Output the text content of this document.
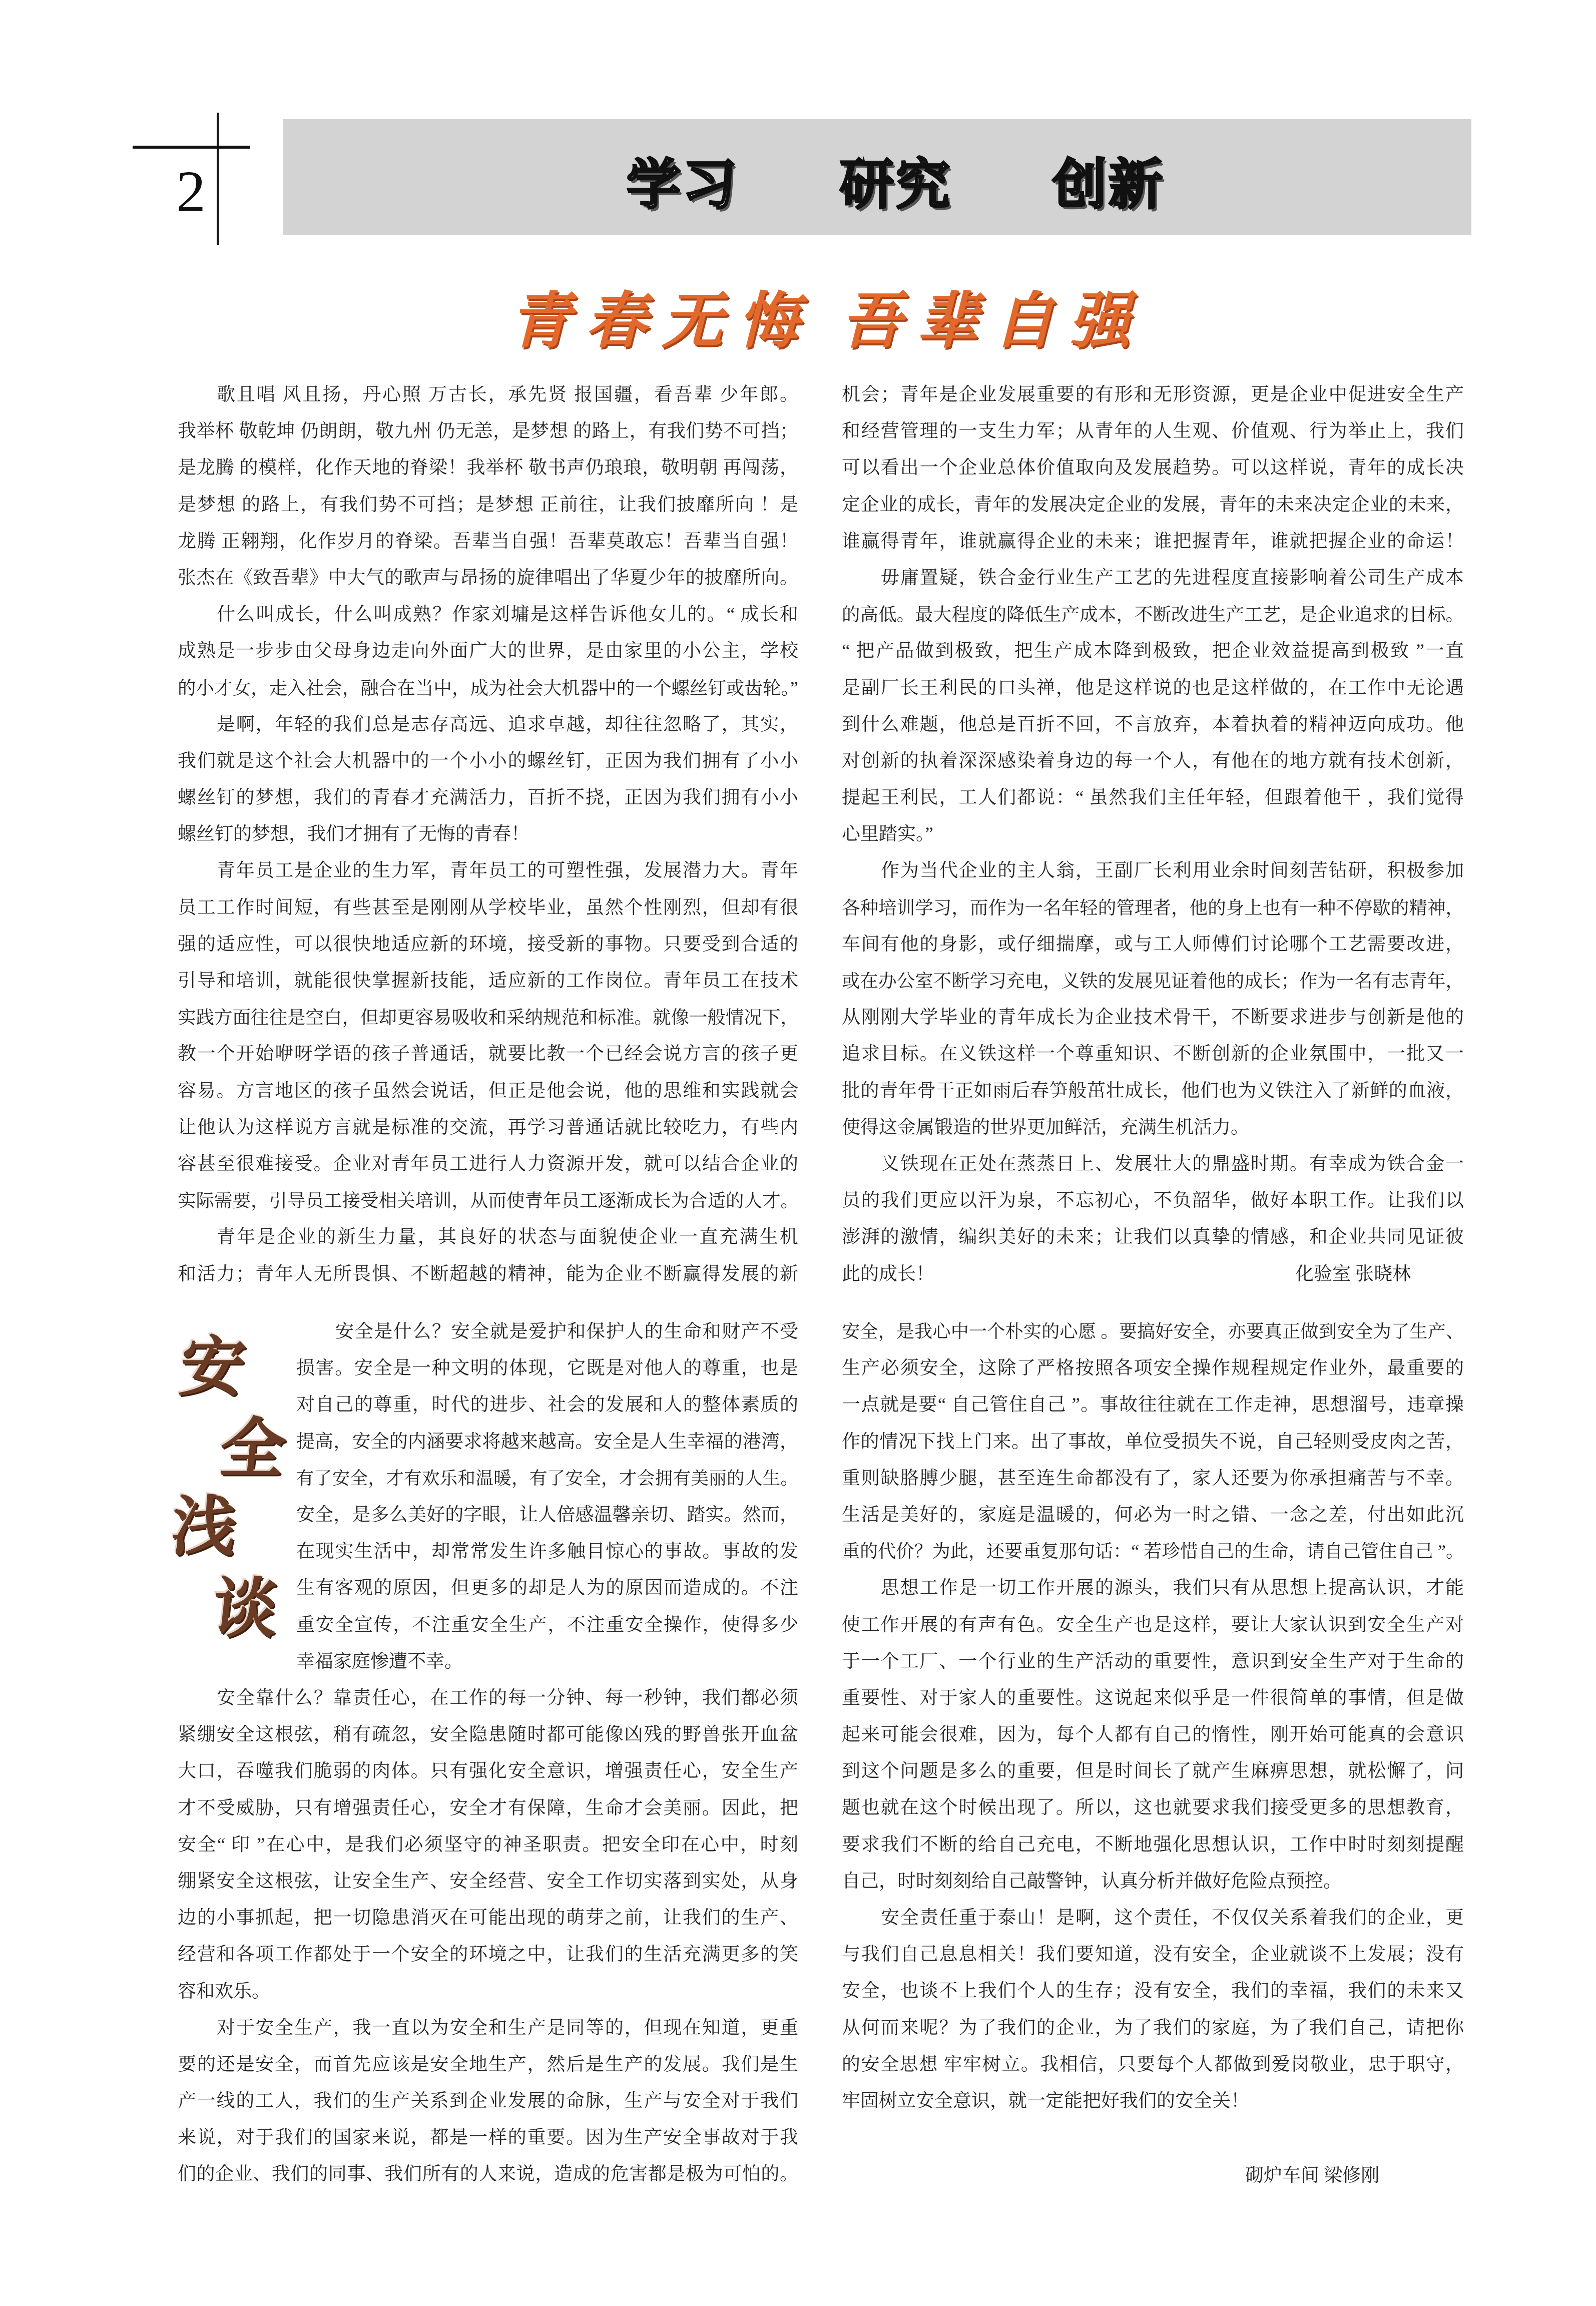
2	学习 研究 创新
青春无悔 吾辈自强
歌且唱 风且扬，丹心照 万古长，承先贤 报国疆，看吾辈 少年郎。
我举杯 敬乾坤 仍朗朗，敬九州 仍无恙，是梦想 的路上，有我们势不可挡；
是龙腾 的模样，化作天地的脊梁！我举杯 敬书声仍琅琅，敬明朝 再闯荡，
是梦想 的路上，有我们势不可挡；是梦想 正前往，让我们披靡所向 ！是
龙腾 正翱翔，化作岁月的脊梁。吾辈当自强！吾辈莫敢忘！吾辈当自强！
张杰在《致吾辈》中大气的歌声与昂扬的旋律唱出了华夏少年的披靡所向。
什么叫成长，什么叫成熟？作家刘墉是这样告诉他女儿的。“ 成长和
成熟是一步步由父母身边走向外面广大的世界，是由家里的小公主，学校
的小才女，走入社会，融合在当中，成为社会大机器中的一个螺丝钉或齿轮。”
是啊，年轻的我们总是志存高远、追求卓越，却往往忽略了，其实，
我们就是这个社会大机器中的一个小小的螺丝钉，正因为我们拥有了小小
螺丝钉的梦想，我们的青春才充满活力，百折不挠，正因为我们拥有小小
螺丝钉的梦想，我们才拥有了无悔的青春！
青年员工是企业的生力军，青年员工的可塑性强，发展潜力大。青年
员工工作时间短，有些甚至是刚刚从学校毕业，虽然个性刚烈，但却有很
强的适应性，可以很快地适应新的环境，接受新的事物。只要受到合适的
引导和培训，就能很快掌握新技能，适应新的工作岗位。青年员工在技术
实践方面往往是空白，但却更容易吸收和采纳规范和标准。就像一般情况下，
教一个开始咿呀学语的孩子普通话，就要比教一个已经会说方言的孩子更
容易。方言地区的孩子虽然会说话，但正是他会说，他的思维和实践就会
让他认为这样说方言就是标准的交流，再学习普通话就比较吃力，有些内
容甚至很难接受。企业对青年员工进行人力资源开发，就可以结合企业的
实际需要，引导员工接受相关培训，从而使青年员工逐渐成长为合适的人才。
青年是企业的新生力量，其良好的状态与面貌使企业一直充满生机
和活力；青年人无所畏惧、不断超越的精神，能为企业不断赢得发展的新
机会；青年是企业发展重要的有形和无形资源，更是企业中促进安全生产
和经营管理的一支生力军；从青年的人生观、价值观、行为举止上，我们
可以看出一个企业总体价值取向及发展趋势。可以这样说，青年的成长决
定企业的成长，青年的发展决定企业的发展，青年的未来决定企业的未来，
谁赢得青年，谁就赢得企业的未来；谁把握青年，谁就把握企业的命运！
毋庸置疑，铁合金行业生产工艺的先进程度直接影响着公司生产成本
的高低。最大程度的降低生产成本，不断改进生产工艺，是企业追求的目标。
“ 把产品做到极致，把生产成本降到极致，把企业效益提高到极致 ”一直
是副厂长王利民的口头禅，他是这样说的也是这样做的，在工作中无论遇
到什么难题，他总是百折不回，不言放弃，本着执着的精神迈向成功。他
对创新的执着深深感染着身边的每一个人，有他在的地方就有技术创新，
提起王利民，工人们都说：“ 虽然我们主任年轻，但跟着他干 ，我们觉得
心里踏实。”
作为当代企业的主人翁，王副厂长利用业余时间刻苦钻研，积极参加
各种培训学习，而作为一名年轻的管理者，他的身上也有一种不停歇的精神，
车间有他的身影，或仔细揣摩，或与工人师傅们讨论哪个工艺需要改进，
或在办公室不断学习充电，义铁的发展见证着他的成长；作为一名有志青年，
从刚刚大学毕业的青年成长为企业技术骨干，不断要求进步与创新是他的
追求目标。在义铁这样一个尊重知识、不断创新的企业氛围中，一批又一
批的青年骨干正如雨后春笋般茁壮成长，他们也为义铁注入了新鲜的血液，
使得这金属锻造的世界更加鲜活，充满生机活力。
义铁现在正处在蒸蒸日上、发展壮大的鼎盛时期。有幸成为铁合金一
员的我们更应以汗为泉，不忘初心，不负韶华，做好本职工作。让我们以
澎湃的激情，编织美好的未来；让我们以真挚的情感，和企业共同见证彼
此的成长！	化验室 张晓林
安
全
浅
谈
安全是什么？安全就是爱护和保护人的生命和财产不受
损害。安全是一种文明的体现，它既是对他人的尊重，也是
对自己的尊重，时代的进步、社会的发展和人的整体素质的
提高，安全的内涵要求将越来越高。安全是人生幸福的港湾，
有了安全，才有欢乐和温暖，有了安全，才会拥有美丽的人生。
安全，是多么美好的字眼，让人倍感温馨亲切、踏实。然而，
在现实生活中，却常常发生许多触目惊心的事故。事故的发
生有客观的原因，但更多的却是人为的原因而造成的。不注
重安全宣传，不注重安全生产，不注重安全操作，使得多少
幸福家庭惨遭不幸。
安全靠什么？靠责任心，在工作的每一分钟、每一秒钟，我们都必须
紧绷安全这根弦，稍有疏忽，安全隐患随时都可能像凶残的野兽张开血盆
大口，吞噬我们脆弱的肉体。只有强化安全意识，增强责任心，安全生产
才不受威胁，只有增强责任心，安全才有保障，生命才会美丽。因此，把
安全“ 印 ”在心中，是我们必须坚守的神圣职责。把安全印在心中，时刻
绷紧安全这根弦，让安全生产、安全经营、安全工作切实落到实处，从身
边的小事抓起，把一切隐患消灭在可能出现的萌芽之前，让我们的生产、
经营和各项工作都处于一个安全的环境之中，让我们的生活充满更多的笑
容和欢乐。
对于安全生产，我一直以为安全和生产是同等的，但现在知道，更重
要的还是安全，而首先应该是安全地生产，然后是生产的发展。我们是生
产一线的工人，我们的生产关系到企业发展的命脉，生产与安全对于我们
来说，对于我们的国家来说，都是一样的重要。因为生产安全事故对于我
们的企业、我们的同事、我们所有的人来说，造成的危害都是极为可怕的。
安全，是我心中一个朴实的心愿 。要搞好安全，亦要真正做到安全为了生产、
生产必须安全，这除了严格按照各项安全操作规程规定作业外，最重要的
一点就是要“ 自己管住自己 ”。事故往往就在工作走神，思想溜号，违章操
作的情况下找上门来。出了事故，单位受损失不说，自己轻则受皮肉之苦，
重则缺胳膊少腿，甚至连生命都没有了，家人还要为你承担痛苦与不幸。
生活是美好的，家庭是温暖的，何必为一时之错、一念之差，付出如此沉
重的代价？为此，还要重复那句话：“ 若珍惜自己的生命，请自己管住自己 ”。
思想工作是一切工作开展的源头，我们只有从思想上提高认识，才能
使工作开展的有声有色。安全生产也是这样，要让大家认识到安全生产对
于一个工厂、一个行业的生产活动的重要性，意识到安全生产对于生命的
重要性、对于家人的重要性。这说起来似乎是一件很简单的事情，但是做
起来可能会很难，因为，每个人都有自己的惰性，刚开始可能真的会意识
到这个问题是多么的重要，但是时间长了就产生麻痹思想，就松懈了，问
题也就在这个时候出现了。所以，这也就要求我们接受更多的思想教育，
要求我们不断的给自己充电，不断地强化思想认识，工作中时时刻刻提醒
自己，时时刻刻给自己敲警钟，认真分析并做好危险点预控。
安全责任重于泰山！是啊，这个责任，不仅仅关系着我们的企业，更
与我们自己息息相关！我们要知道，没有安全，企业就谈不上发展；没有
安全，也谈不上我们个人的生存；没有安全，我们的幸福，我们的未来又
从何而来呢？为了我们的企业，为了我们的家庭，为了我们自己，请把你
的安全思想 牢牢树立。我相信，只要每个人都做到爱岗敬业，忠于职守，
牢固树立安全意识，就一定能把好我们的安全关！
砌炉车间 梁修刚
